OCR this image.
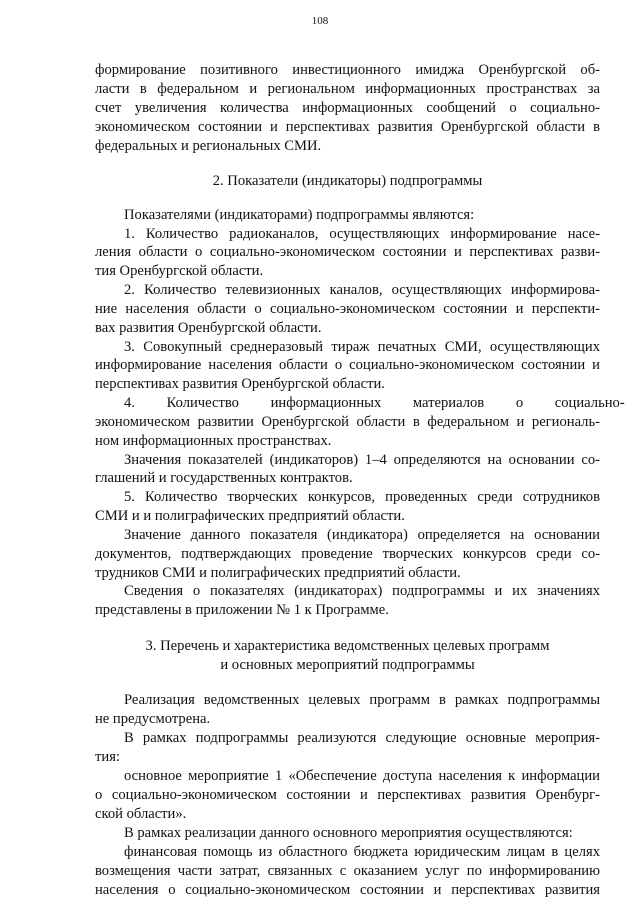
108
формирование позитивного инвестиционного имиджа Оренбургской об-
ласти в федеральном и региональном информационных пространствах за
счет увеличения количества информационных сообщений о социально-
экономическом состоянии и перспективах развития Оренбургской области в
федеральных и региональных СМИ.
2. Показатели (индикаторы) подпрограммы
Показателями (индикаторами) подпрограммы являются:
1. Количество радиоканалов, осуществляющих информирование насе-
ления области о социально-экономическом состоянии и перспективах разви-
тия Оренбургской области.
2. Количество телевизионных каналов, осуществляющих информирова-
ние населения области о социально-экономическом состоянии и перспекти-
вах развития Оренбургской области.
3. Совокупный среднеразовый тираж печатных СМИ, осуществляющих
информирование населения области о социально-экономическом состоянии и
перспективах развития Оренбургской области.
4. Количество информационных материалов о социально-
экономическом развитии Оренбургской области в федеральном и региональ-
ном информационных пространствах.
Значения показателей (индикаторов) 1–4 определяются на основании со-
глашений и государственных контрактов.
5. Количество творческих конкурсов, проведенных среди сотрудников
СМИ и и полиграфических предприятий области.
Значение данного показателя (индикатора) определяется на основании
документов, подтверждающих проведение творческих конкурсов среди со-
трудников СМИ и полиграфических предприятий области.
Сведения о показателях (индикаторах) подпрограммы и их значениях
представлены в приложении № 1 к Программе.
3. Перечень и характеристика ведомственных целевых программ
и основных мероприятий подпрограммы
Реализация ведомственных целевых программ в рамках подпрограммы
не предусмотрена.
В рамках подпрограммы реализуются следующие основные мероприя-
тия:
основное мероприятие 1 «Обеспечение доступа населения к информации
о социально-экономическом состоянии и перспективах развития Оренбург-
ской области».
В рамках реализации данного основного мероприятия осуществляются:
финансовая помощь из областного бюджета юридическим лицам в целях
возмещения части затрат, связанных с оказанием услуг по информированию
населения о социально-экономическом состоянии и перспективах развития
